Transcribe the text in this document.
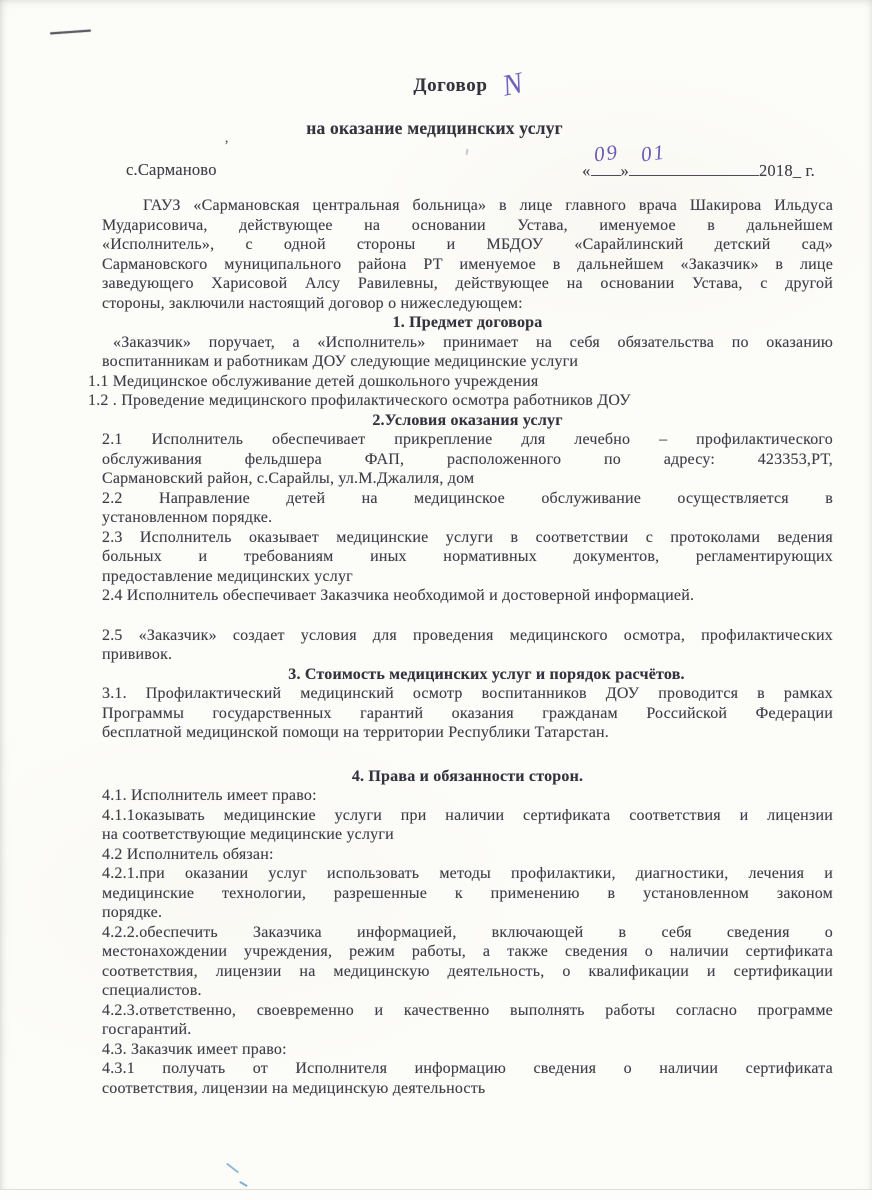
’
Договор N
на оказание медицинских услуг
с.Сарманово	«
09
»
01
2018_ г.
ГАУЗ «Сармановская центральная больница» в лице главного врача Шакирова Ильдуса
Мударисовича, действующее на основании Устава, именуемое в дальнейшем
«Исполнитель», с одной стороны и МБДОУ «Сарайлинский детский сад»
Сармановского муниципального района РТ именуемое в дальнейшем «Заказчик» в лице
заведующего Харисовой Алсу Равилевны, действующее на основании Устава, с другой
стороны, заключили настоящий договор о нижеследующем:
1. Предмет договора
«Заказчик» поручает, а «Исполнитель» принимает на себя обязательства по оказанию
воспитанникам и работникам ДОУ следующие медицинские услуги
1.1 Медицинское обслуживание детей дошкольного учреждения
1.2 . Проведение медицинского профилактического осмотра работников ДОУ
2.Условия оказания услуг
2.1 Исполнитель обеспечивает прикрепление для лечебно – профилактического
обслуживания фельдшера ФАП, расположенного по адресу: 423353,РТ,
Сармановский район, с.Сарайлы, ул.М.Джалиля, дом
2.2 Направление детей на медицинское обслуживание осуществляется в
установленном порядке.
2.3 Исполнитель оказывает медицинские услуги в соответствии с протоколами ведения
больных и требованиям иных нормативных документов, регламентирующих
предоставление медицинских услуг
2.4 Исполнитель обеспечивает Заказчика необходимой и достоверной информацией.
2.5 «Заказчик» создает условия для проведения медицинского осмотра, профилактических
прививок.
3. Стоимость медицинских услуг и порядок расчётов.
3.1. Профилактический медицинский осмотр воспитанников ДОУ проводится в рамках
Программы государственных гарантий оказания гражданам Российской Федерации
бесплатной медицинской помощи на территории Республики Татарстан.
4. Права и обязанности сторон.
4.1. Исполнитель имеет право:
4.1.1оказывать медицинские услуги при наличии сертификата соответствия и лицензии
на соответствующие медицинские услуги
4.2 Исполнитель обязан:
4.2.1.при оказании услуг использовать методы профилактики, диагностики, лечения и
медицинские технологии, разрешенные к применению в установленном законом
порядке.
4.2.2.обеспечить Заказчика информацией, включающей в себя сведения о
местонахождении учреждения, режим работы, а также сведения о наличии сертификата
соответствия, лицензии на медицинскую деятельность, о квалификации и сертификации
специалистов.
4.2.3.ответственно, своевременно и качественно выполнять работы согласно программе
госгарантий.
4.3. Заказчик имеет право:
4.3.1 получать от Исполнителя информацию сведения о наличии сертификата
соответствия, лицензии на медицинскую деятельность
